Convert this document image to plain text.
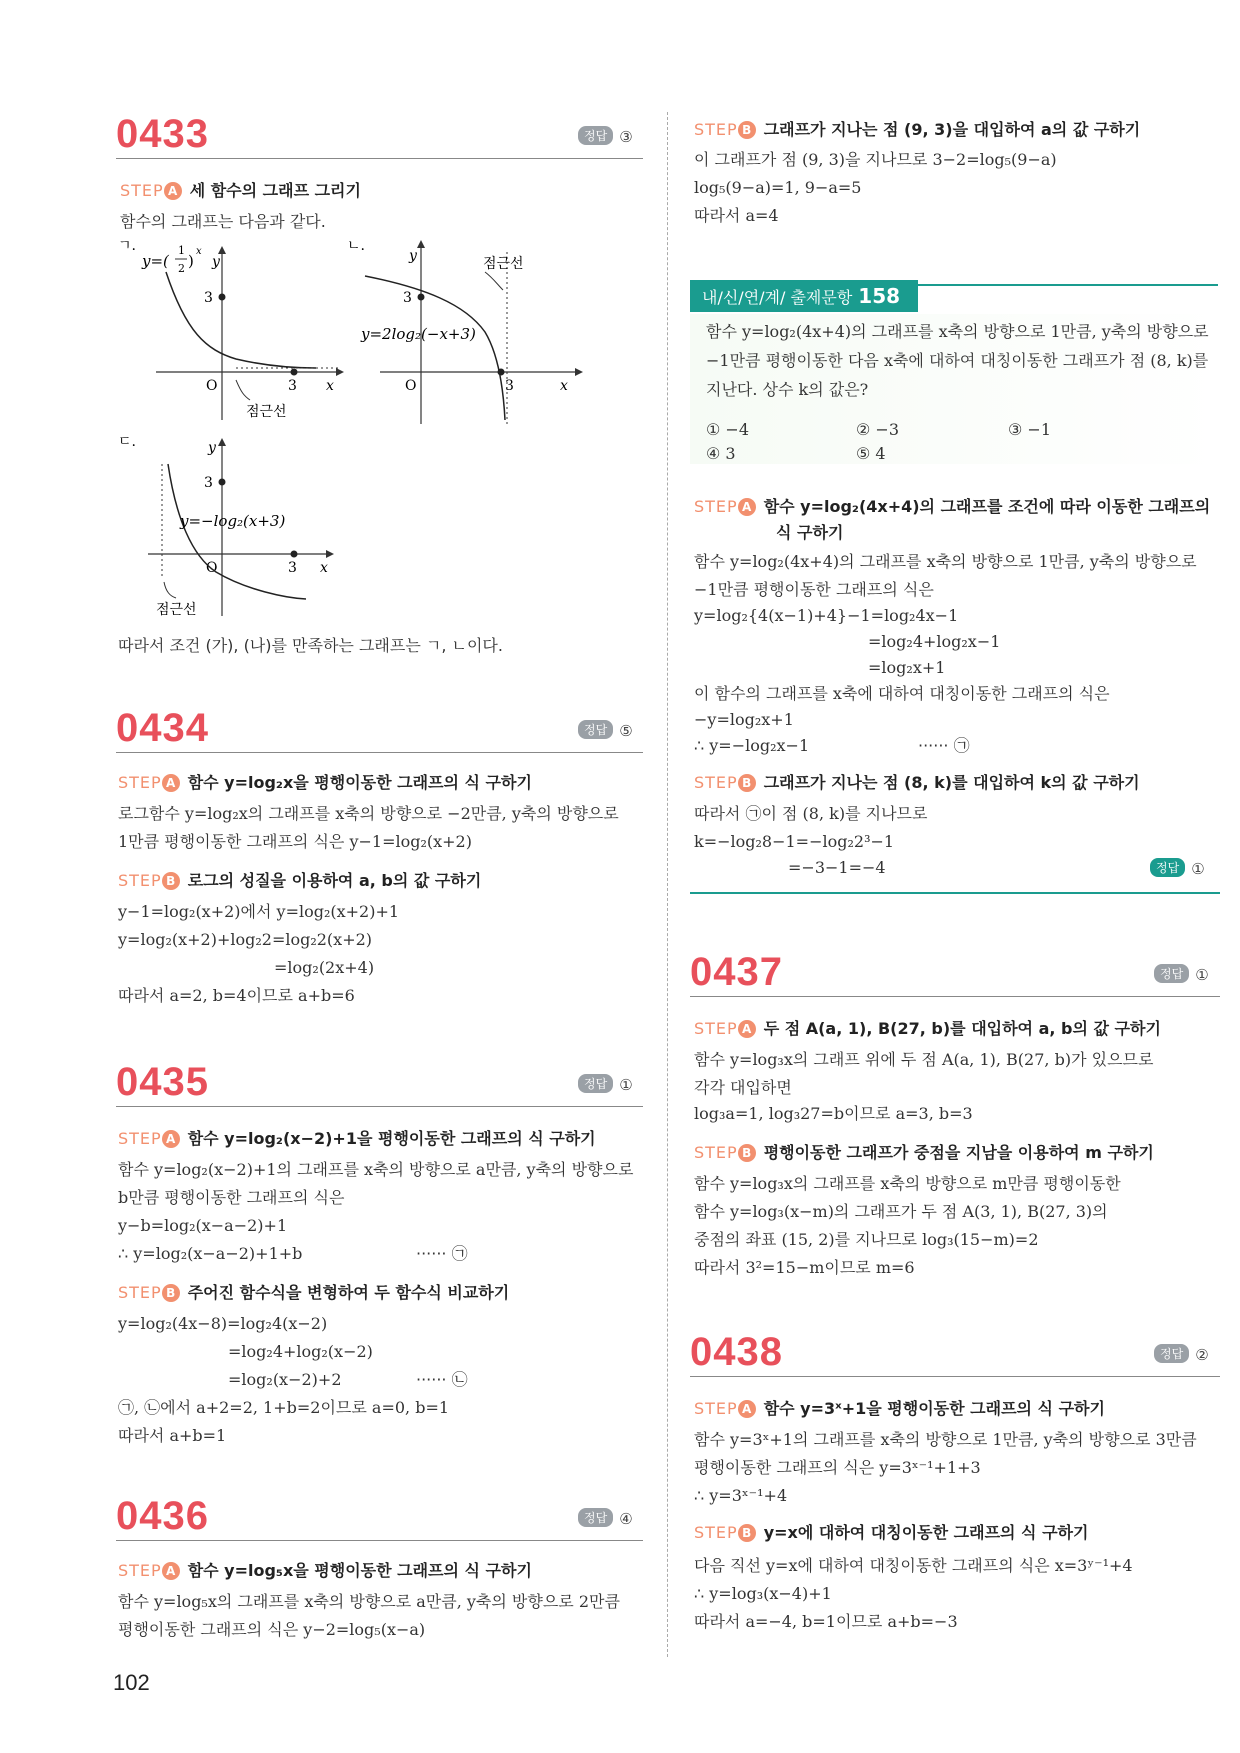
0433	정답 ③
STEP A 세 함수의 그래프 그리기
함수의 그래프는 다음과 같다.
ㄱ.
y=(
1
2 )
x
y
x
O
3
3
점근선
ㄴ.
y
x
O
3
3
점근선
y=2log₂(−x+3)
ㄷ.	y
x
O
3
3
점근선
y=−log₂(x+3)
따라서 조건 (가), (나)를 만족하는 그래프는 ㄱ, ㄴ이다.
0434	정답 ⑤
STEP A 함수 y=log₂x을 평행이동한 그래프의 식 구하기
로그함수 y=log₂x의 그래프를 x축의 방향으로 −2만큼, y축의 방향으로
1만큼 평행이동한 그래프의 식은 y−1=log₂(x+2)
STEP B 로그의 성질을 이용하여 a, b의 값 구하기
y−1=log₂(x+2)에서 y=log₂(x+2)+1
y=log₂(x+2)+log₂2=log₂2(x+2)
=log₂(2x+4)
따라서 a=2, b=4이므로 a+b=6
0435	정답 ①
STEP A 함수 y=log₂(x−2)+1을 평행이동한 그래프의 식 구하기
함수 y=log₂(x−2)+1의 그래프를 x축의 방향으로 a만큼, y축의 방향으로
b만큼 평행이동한 그래프의 식은
y−b=log₂(x−a−2)+1
∴ y=log₂(x−a−2)+1+b	······ ㉠
STEP B 주어진 함수식을 변형하여 두 함수식 비교하기
y=log₂(4x−8)=log₂4(x−2)
=log₂4+log₂(x−2)
=log₂(x−2)+2	······ ㉡
㉠, ㉡에서 a+2=2, 1+b=2이므로 a=0, b=1
따라서 a+b=1
0436	정답 ④
STEP A 함수 y=log₅x을 평행이동한 그래프의 식 구하기
함수 y=log₅x의 그래프를 x축의 방향으로 a만큼, y축의 방향으로 2만큼
평행이동한 그래프의 식은 y−2=log₅(x−a)
102
STEP B 그래프가 지나는 점 (9, 3)을 대입하여 a의 값 구하기
이 그래프가 점 (9, 3)을 지나므로 3−2=log₅(9−a)
log₅(9−a)=1, 9−a=5
따라서 a=4
내/신/연/계/ 출제문항 158
함수 y=log₂(4x+4)의 그래프를 x축의 방향으로 1만큼, y축의 방향으로
−1만큼 평행이동한 다음 x축에 대하여 대칭이동한 그래프가 점 (8, k)를
지난다. 상수 k의 값은?
① −4	② −3	③ −1
④ 3	⑤ 4
STEP A 함수 y=log₂(4x+4)의 그래프를 조건에 따라 이동한 그래프의
식 구하기
함수 y=log₂(4x+4)의 그래프를 x축의 방향으로 1만큼, y축의 방향으로
−1만큼 평행이동한 그래프의 식은
y=log₂{4(x−1)+4}−1=log₂4x−1
=log₂4+log₂x−1
=log₂x+1
이 함수의 그래프를 x축에 대하여 대칭이동한 그래프의 식은
−y=log₂x+1
∴ y=−log₂x−1	······ ㉠
STEP B 그래프가 지나는 점 (8, k)를 대입하여 k의 값 구하기
따라서 ㉠이 점 (8, k)를 지나므로
k=−log₂8−1=−log₂2³−1
=−3−1=−4	정답 ①
0437	정답 ①
STEP A 두 점 A(a, 1), B(27, b)를 대입하여 a, b의 값 구하기
함수 y=log₃x의 그래프 위에 두 점 A(a, 1), B(27, b)가 있으므로
각각 대입하면
log₃a=1, log₃27=b이므로 a=3, b=3
STEP B 평행이동한 그래프가 중점을 지남을 이용하여 m 구하기
함수 y=log₃x의 그래프를 x축의 방향으로 m만큼 평행이동한
함수 y=log₃(x−m)의 그래프가 두 점 A(3, 1), B(27, 3)의
중점의 좌표 (15, 2)를 지나므로 log₃(15−m)=2
따라서 3²=15−m이므로 m=6
0438	정답 ②
STEP A 함수 y=3ˣ+1을 평행이동한 그래프의 식 구하기
함수 y=3ˣ+1의 그래프를 x축의 방향으로 1만큼, y축의 방향으로 3만큼
평행이동한 그래프의 식은 y=3ˣ⁻¹+1+3
∴ y=3ˣ⁻¹+4
STEP B y=x에 대하여 대칭이동한 그래프의 식 구하기
다음 직선 y=x에 대하여 대칭이동한 그래프의 식은 x=3ʸ⁻¹+4
∴ y=log₃(x−4)+1
따라서 a=−4, b=1이므로 a+b=−3
